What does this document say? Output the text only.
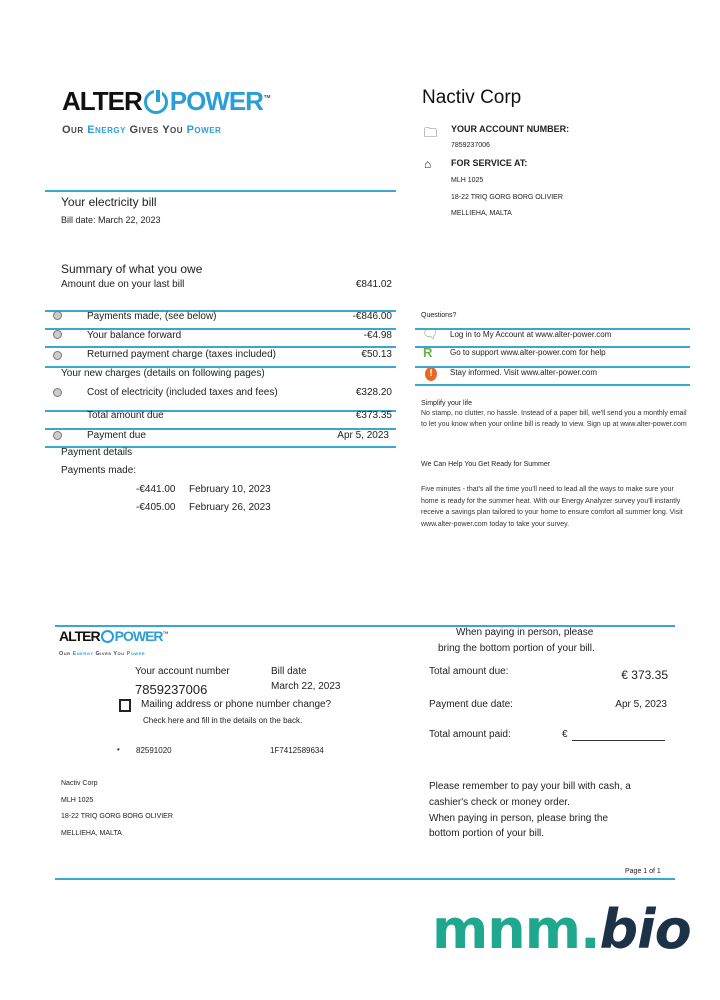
ALTER POWER™
Our Energy Gives You Power
Nactiv Corp
🗀 YOUR ACCOUNT NUMBER:
7859237006
⌂ FOR SERVICE AT:
MLH 1025
18-22 TRIQ GORG BORG OLIVIER
MELLIEHA, MALTA
Your electricity bill
Bill date: March 22, 2023
Summary of what you owe
Amount due on your last bill	€841.02
Payments made, (see below)	-€846.00
Your balance forward	-€4.98
Returned payment charge (taxes included)	€50.13
Your new charges (details on following pages)
Cost of electricity (included taxes and fees)	€328.20
Total amount due	€373.35
Payment due	Apr 5, 2023
Payment details
Payments made:
-€441.00 February 10, 2023
-€405.00 February 26, 2023
Questions?
🗨 Log in to My Account at www.alter-power.com
R Go to support www.alter-power.com for help
!	Stay informed. Visit www.alter-power.com
Simplify your life
No stamp, no clutter, no hassle. Instead of a paper bill, we'll send you a monthly email to let you know when your online bill is ready to view. Sign up at www.alter-power.com
We Can Help You Get Ready for Summer
Five minutes - that's all the time you'll need to lead all the ways to make sure your home is ready for the summer heat. With our Energy Analyzer survey you'll instantly receive a savings plan tailored to your home to ensure comfort all summer long. Visit www.alter-power.com today to take your survey.
ALTER POWER™
Our Energy Gives You Power
When paying in person, please
bring the bottom portion of your bill.
Your account number
7859237006
Bill date
March 22, 2023
Mailing address or phone number change?
Check here and fill in the details on the back.
• 82591020	1F7412589634
Total amount due:	€ 373.35
Payment due date:	Apr 5, 2023
Total amount paid:	€
Nactiv Corp
MLH 1025
18-22 TRIQ GORG BORG OLIVIER
MELLIEHA, MALTA
Please remember to pay your bill with cash, a
cashier's check or money order.
When paying in person, please bring the
bottom portion of your bill.
Page 1 of 1
mnm.bio
